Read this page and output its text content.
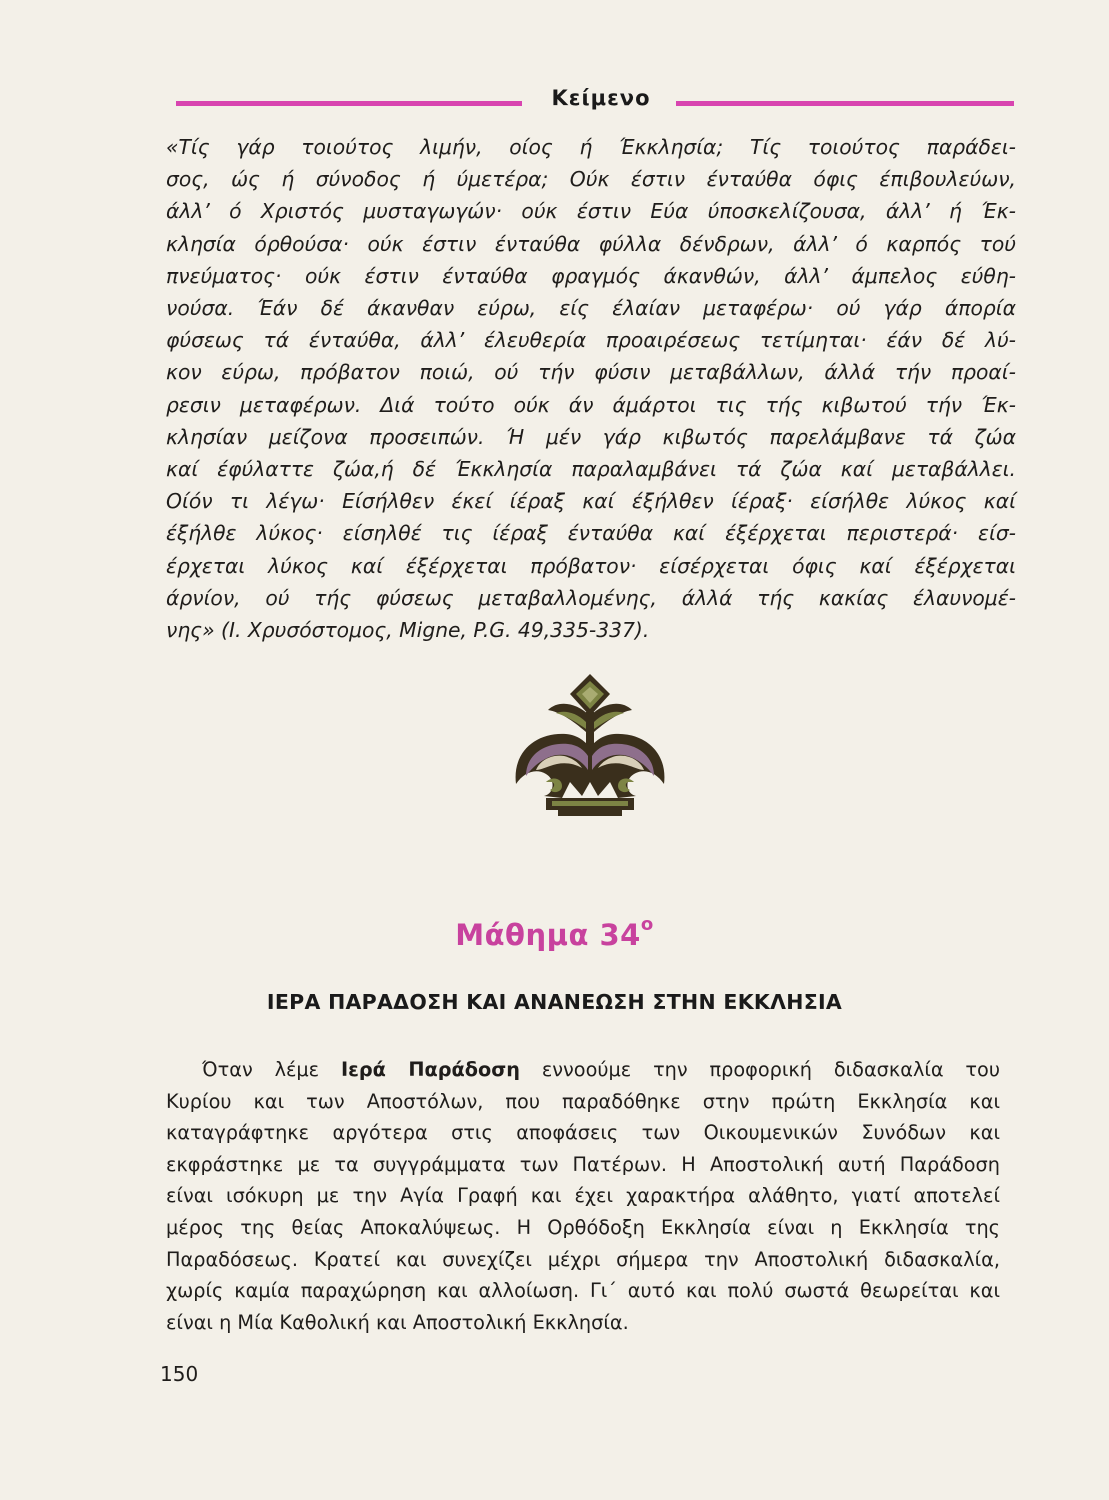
Κείμενο
«Τίς γάρ τοιούτος λιμήν, οίος ή Έκκλησία; Τίς τοιούτος παράδει-
σος, ώς ή σύνοδος ή ύμετέρα; Ούκ έστιν ένταύθα όφις έπιβουλεύων,
άλλ’ ό Χριστός μυσταγωγών· ούκ έστιν Εύα ύποσκελίζουσα, άλλ’ ή Έκ-
κλησία όρθούσα· ούκ έστιν ένταύθα φύλλα δένδρων, άλλ’ ό καρπός τού
πνεύματος· ούκ έστιν ένταύθα φραγμός άκανθών, άλλ’ άμπελος εύθη-
νούσα. Έάν δέ άκανθαν εύρω, είς έλαίαν μεταφέρω· ού γάρ άπορία
φύσεως τά ένταύθα, άλλ’ έλευθερία προαιρέσεως τετίμηται· έάν δέ λύ-
κον εύρω, πρόβατον ποιώ, ού τήν φύσιν μεταβάλλων, άλλά τήν προαί-
ρεσιν μεταφέρων. Διά τούτο ούκ άν άμάρτοι τις τής κιβωτού τήν Έκ-
κλησίαν μείζονα προσειπών. Ή μέν γάρ κιβωτός παρελάμβανε τά ζώα
καί έφύλαττε ζώα,ή δέ Έκκλησία παραλαμβάνει τά ζώα καί μεταβάλλει.
Οίόν τι λέγω· Είσήλθεν έκεί ίέραξ καί έξήλθεν ίέραξ· είσήλθε λύκος καί
έξήλθε λύκος· είσηλθέ τις ίέραξ ένταύθα καί έξέρχεται περιστερά· είσ-
έρχεται λύκος καί έξέρχεται πρόβατον· είσέρχεται όφις καί έξέρχεται
άρνίον, ού τής φύσεως μεταβαλλομένης, άλλά τής κακίας έλαυνομέ-
νης» (Ι. Χρυσόστομος, Migne, P.G. 49,335-337).
Μάθημα $34^o$
ΙΕΡΑ ΠΑΡΑΔΟΣΗ ΚΑΙ ΑΝΑΝΕΩΣΗ ΣΤΗΝ ΕΚΚΛΗΣΙΑ
Όταν λέμε Ιερά Παράδοση εννοούμε την προφορική διδασκαλία του
Κυρίου και των Αποστόλων, που παραδόθηκε στην πρώτη Εκκλησία και
καταγράφτηκε αργότερα στις αποφάσεις των Οικουμενικών Συνόδων και
εκφράστηκε με τα συγγράμματα των Πατέρων. Η Αποστολική αυτή Παράδοση
είναι ισόκυρη με την Αγία Γραφή και έχει χαρακτήρα αλάθητο, γιατί αποτελεί
μέρος της θείας Αποκαλύψεως. Η Ορθόδοξη Εκκλησία είναι η Εκκλησία της
Παραδόσεως. Κρατεί και συνεχίζει μέχρι σήμερα την Αποστολική διδασκαλία,
χωρίς καμία παραχώρηση και αλλοίωση. Γι΄ αυτό και πολύ σωστά θεωρείται και
είναι η Μία Καθολική και Αποστολική Εκκλησία.
150
